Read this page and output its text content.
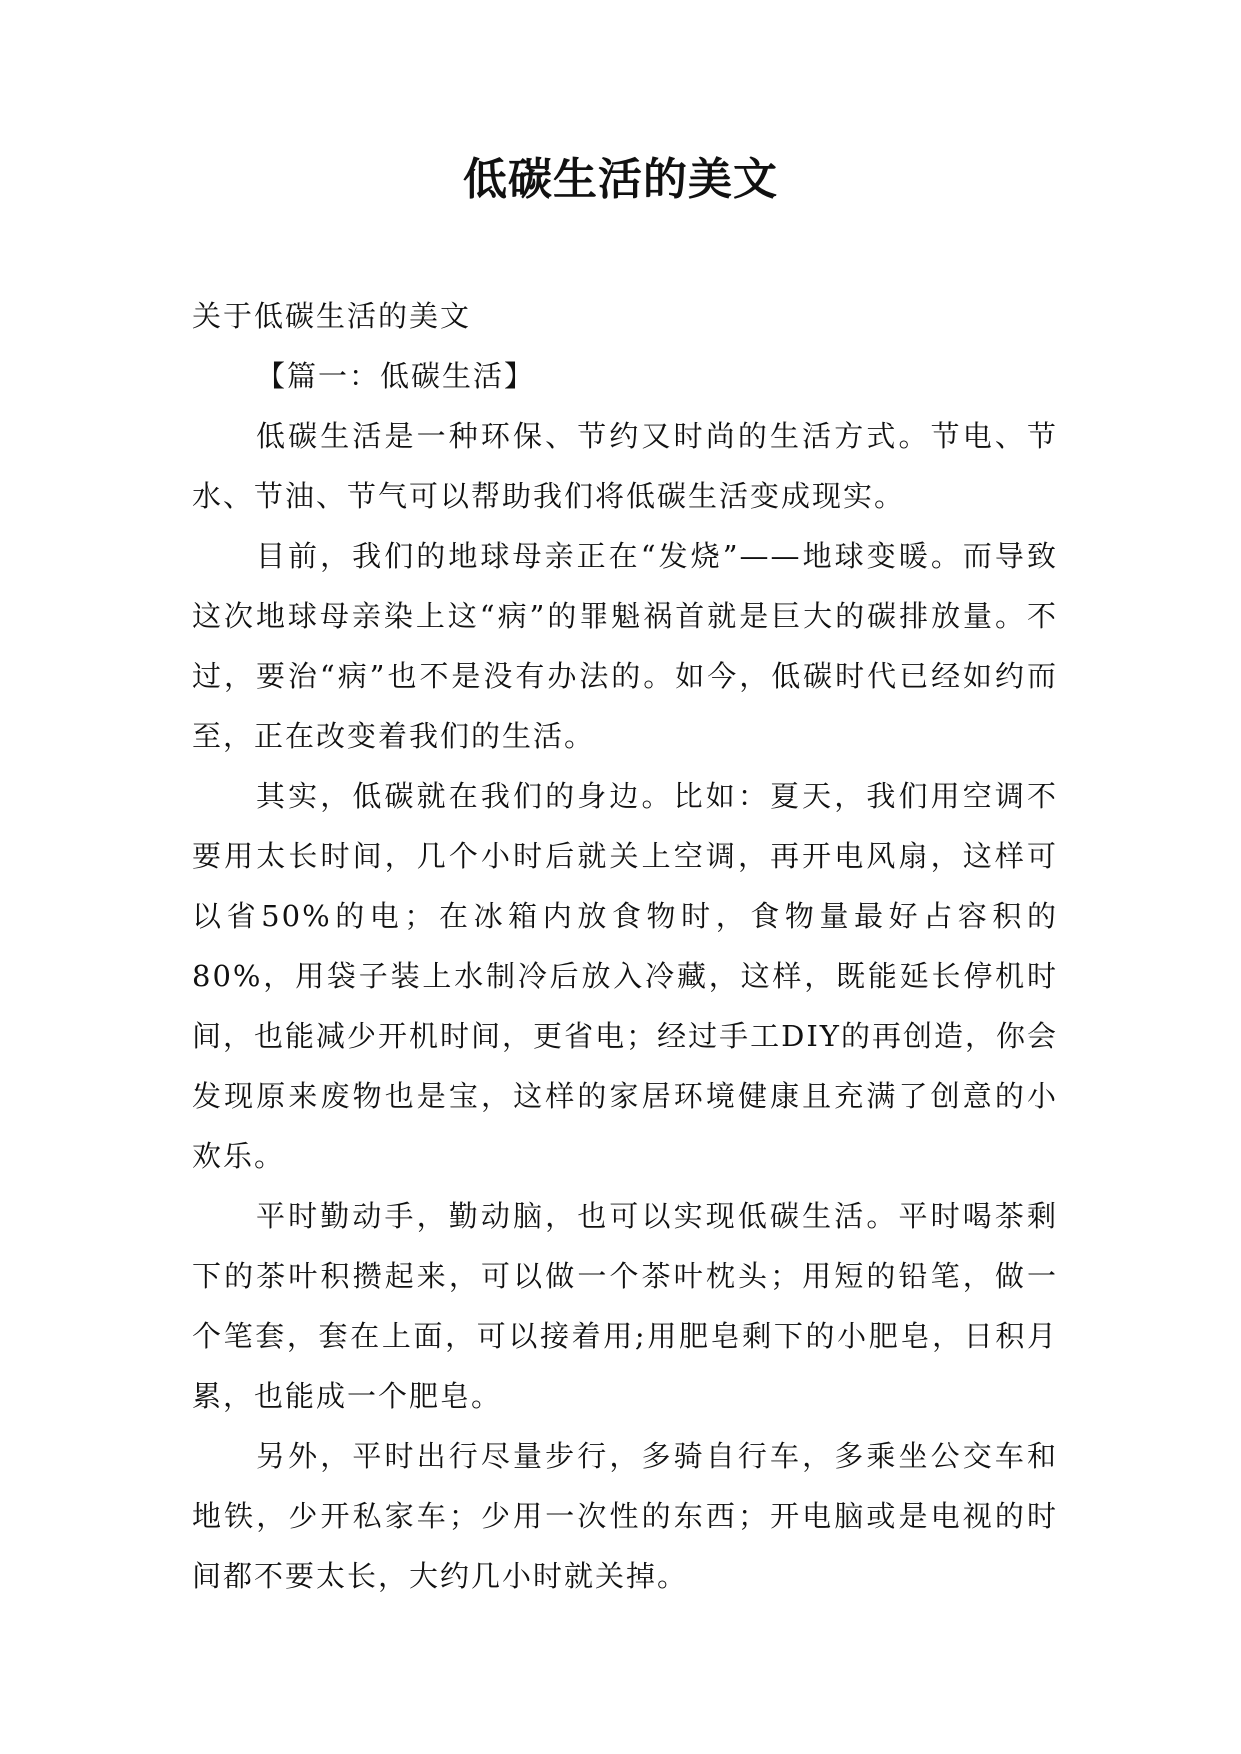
低碳生活的美文

关于低碳生活的美文

【篇一：低碳生活】

低碳生活是一种环保、节约又时尚的生活方式。节电、节水、节油、节气可以帮助我们将低碳生活变成现实。

目前，我们的地球母亲正在“发烧”——地球变暖。而导致这次地球母亲染上这“病”的罪魁祸首就是巨大的碳排放量。不过，要治“病”也不是没有办法的。如今，低碳时代已经如约而至，正在改变着我们的生活。

其实，低碳就在我们的身边。比如：夏天，我们用空调不要用太长时间，几个小时后就关上空调，再开电风扇，这样可以省50%的电；在冰箱内放食物时，食物量最好占容积的80%，用袋子装上水制冷后放入冷藏，这样，既能延长停机时间，也能减少开机时间，更省电；经过手工DIY的再创造，你会发现原来废物也是宝，这样的家居环境健康且充满了创意的小欢乐。

平时勤动手，勤动脑，也可以实现低碳生活。平时喝茶剩下的茶叶积攒起来，可以做一个茶叶枕头；用短的铅笔，做一个笔套，套在上面，可以接着用;用肥皂剩下的小肥皂，日积月累，也能成一个肥皂。

另外，平时出行尽量步行，多骑自行车，多乘坐公交车和地铁，少开私家车；少用一次性的东西；开电脑或是电视的时间都不要太长，大约几小时就关掉。
